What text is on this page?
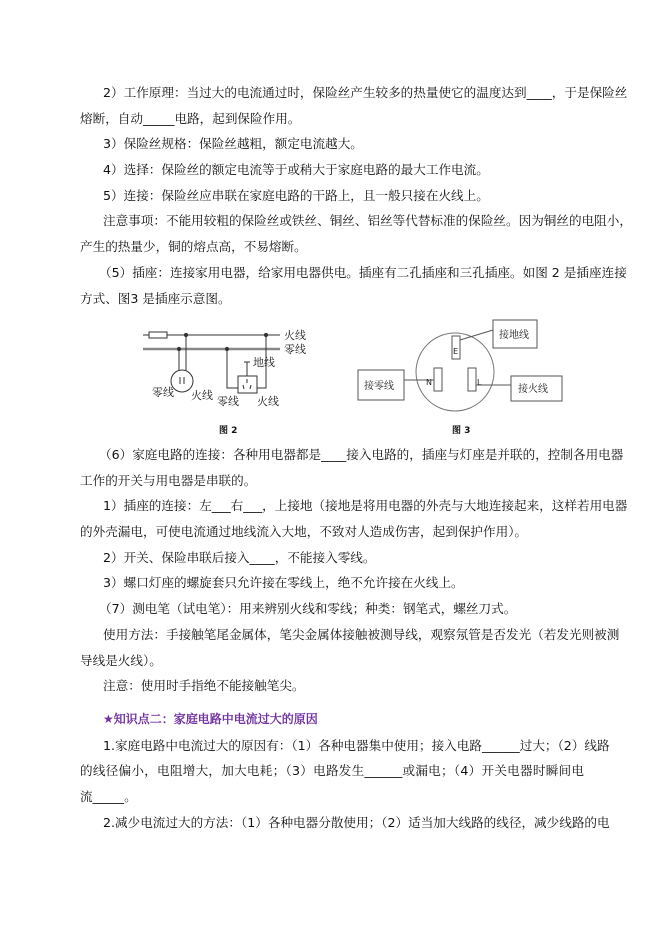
2）工作原理：当过大的电流通过时，保险丝产生较多的热量使它的温度达到____，于是保险丝
熔断，自动_____电路，起到保险作用。
3）保险丝规格：保险丝越粗，额定电流越大。
4）选择：保险丝的额定电流等于或稍大于家庭电路的最大工作电流。
5）连接：保险丝应串联在家庭电路的干路上，且一般只接在火线上。
注意事项：不能用较粗的保险丝或铁丝、铜丝、铝丝等代替标准的保险丝。因为铜丝的电阻小，
产生的热量少，铜的熔点高，不易熔断。
（5）插座：连接家用电器，给家用电器供电。插座有二孔插座和三孔插座。如图 2 是插座连接
方式、图3 是插座示意图。
火线
零线
地线
零线 火线 零线 火线
接地线
接零线	接火线
E
N	L
图 2	图 3
（6）家庭电路的连接：各种用电器都是____接入电路的，插座与灯座是并联的，控制各用电器
工作的开关与用电器是串联的。
1）插座的连接：左___右___，上接地（接地是将用电器的外壳与大地连接起来，这样若用电器
的外壳漏电，可使电流通过地线流入大地，不致对人造成伤害，起到保护作用）。
2）开关、保险串联后接入____，不能接入零线。
3）螺口灯座的螺旋套只允许接在零线上，绝不允许接在火线上。
（7）测电笔（试电笔）：用来辨别火线和零线；种类：钢笔式，螺丝刀式。
使用方法：手接触笔尾金属体，笔尖金属体接触被测导线，观察氖管是否发光（若发光则被测
导线是火线）。
注意：使用时手指绝不能接触笔尖。
★知识点二：家庭电路中电流过大的原因
1.家庭电路中电流过大的原因有：（1）各种电器集中使用；接入电路______过大；（2）线路
的线径偏小，电阻增大，加大电耗；（3）电路发生______或漏电；（4）开关电器时瞬间电
流_____。
2.减少电流过大的方法：（1）各种电器分散使用；（2）适当加大线路的线径，减少线路的电
